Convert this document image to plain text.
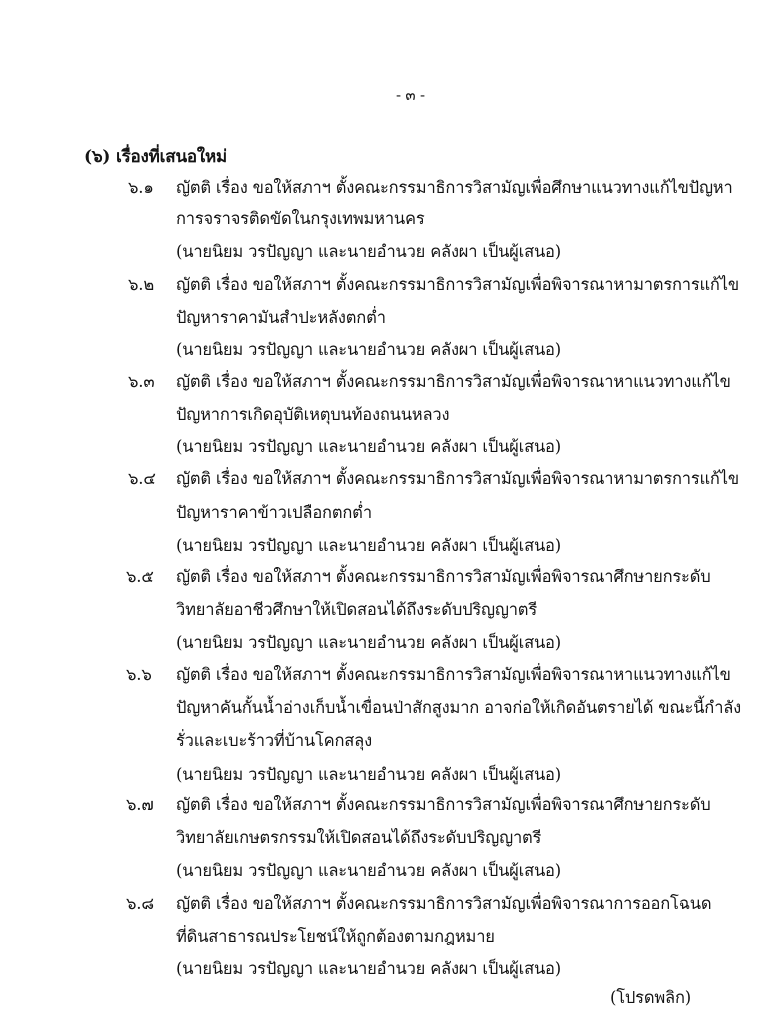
- ๓ -
(๖) เรื่องที่เสนอใหม่
๖.๑	ญัตติ เรื่อง ขอให้สภาฯ ตั้งคณะกรรมาธิการวิสามัญเพื่อศึกษาแนวทางแก้ไขปัญหา
การจราจรติดขัดในกรุงเทพมหานคร
(นายนิยม วรปัญญา และนายอำนวย คลังผา เป็นผู้เสนอ)
๖.๒	ญัตติ เรื่อง ขอให้สภาฯ ตั้งคณะกรรมาธิการวิสามัญเพื่อพิจารณาหามาตรการแก้ไข
ปัญหาราคามันสำปะหลังตกต่ำ
(นายนิยม วรปัญญา และนายอำนวย คลังผา เป็นผู้เสนอ)
๖.๓	ญัตติ เรื่อง ขอให้สภาฯ ตั้งคณะกรรมาธิการวิสามัญเพื่อพิจารณาหาแนวทางแก้ไข
ปัญหาการเกิดอุบัติเหตุบนท้องถนนหลวง
(นายนิยม วรปัญญา และนายอำนวย คลังผา เป็นผู้เสนอ)
๖.๔	ญัตติ เรื่อง ขอให้สภาฯ ตั้งคณะกรรมาธิการวิสามัญเพื่อพิจารณาหามาตรการแก้ไข
ปัญหาราคาข้าวเปลือกตกต่ำ
(นายนิยม วรปัญญา และนายอำนวย คลังผา เป็นผู้เสนอ)
๖.๕	ญัตติ เรื่อง ขอให้สภาฯ ตั้งคณะกรรมาธิการวิสามัญเพื่อพิจารณาศึกษายกระดับ
วิทยาลัยอาชีวศึกษาให้เปิดสอนได้ถึงระดับปริญญาตรี
(นายนิยม วรปัญญา และนายอำนวย คลังผา เป็นผู้เสนอ)
๖.๖	ญัตติ เรื่อง ขอให้สภาฯ ตั้งคณะกรรมาธิการวิสามัญเพื่อพิจารณาหาแนวทางแก้ไข
ปัญหาคันกั้นน้ำอ่างเก็บน้ำเขื่อนป่าสักสูงมาก อาจก่อให้เกิดอันตรายได้ ขณะนี้กำลัง
รั่วและเบะร้าวที่บ้านโคกสลุง
(นายนิยม วรปัญญา และนายอำนวย คลังผา เป็นผู้เสนอ)
๖.๗	ญัตติ เรื่อง ขอให้สภาฯ ตั้งคณะกรรมาธิการวิสามัญเพื่อพิจารณาศึกษายกระดับ
วิทยาลัยเกษตรกรรมให้เปิดสอนได้ถึงระดับปริญญาตรี
(นายนิยม วรปัญญา และนายอำนวย คลังผา เป็นผู้เสนอ)
๖.๘	ญัตติ เรื่อง ขอให้สภาฯ ตั้งคณะกรรมาธิการวิสามัญเพื่อพิจารณาการออกโฉนด
ที่ดินสาธารณประโยชน์ให้ถูกต้องตามกฎหมาย
(นายนิยม วรปัญญา และนายอำนวย คลังผา เป็นผู้เสนอ)
(โปรดพลิก)
